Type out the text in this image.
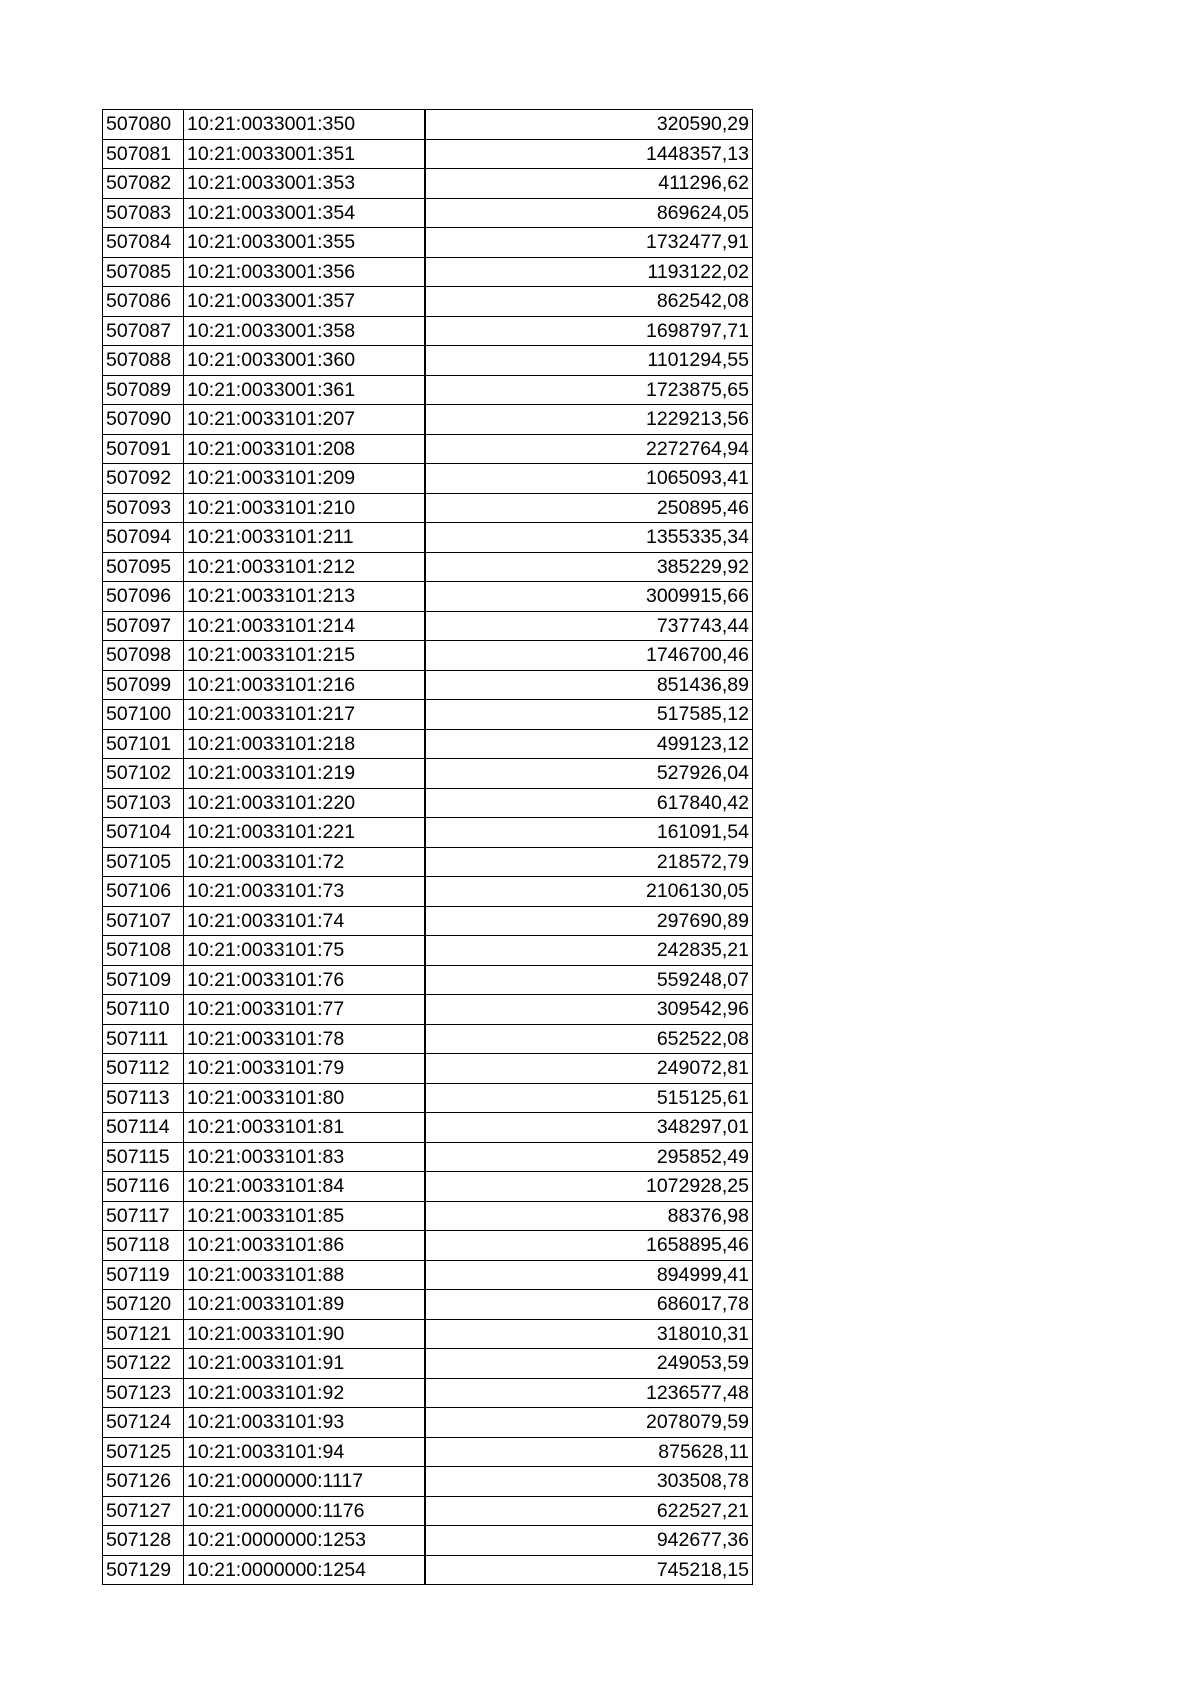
507080	10:21:0033001:350	320590,29
507081	10:21:0033001:351	1448357,13
507082	10:21:0033001:353	411296,62
507083	10:21:0033001:354	869624,05
507084	10:21:0033001:355	1732477,91
507085	10:21:0033001:356	1193122,02
507086	10:21:0033001:357	862542,08
507087	10:21:0033001:358	1698797,71
507088	10:21:0033001:360	1101294,55
507089	10:21:0033001:361	1723875,65
507090	10:21:0033101:207	1229213,56
507091	10:21:0033101:208	2272764,94
507092	10:21:0033101:209	1065093,41
507093	10:21:0033101:210	250895,46
507094	10:21:0033101:211	1355335,34
507095	10:21:0033101:212	385229,92
507096	10:21:0033101:213	3009915,66
507097	10:21:0033101:214	737743,44
507098	10:21:0033101:215	1746700,46
507099	10:21:0033101:216	851436,89
507100	10:21:0033101:217	517585,12
507101	10:21:0033101:218	499123,12
507102	10:21:0033101:219	527926,04
507103	10:21:0033101:220	617840,42
507104	10:21:0033101:221	161091,54
507105	10:21:0033101:72	218572,79
507106	10:21:0033101:73	2106130,05
507107	10:21:0033101:74	297690,89
507108	10:21:0033101:75	242835,21
507109	10:21:0033101:76	559248,07
507110	10:21:0033101:77	309542,96
507111	10:21:0033101:78	652522,08
507112	10:21:0033101:79	249072,81
507113	10:21:0033101:80	515125,61
507114	10:21:0033101:81	348297,01
507115	10:21:0033101:83	295852,49
507116	10:21:0033101:84	1072928,25
507117	10:21:0033101:85	88376,98
507118	10:21:0033101:86	1658895,46
507119	10:21:0033101:88	894999,41
507120	10:21:0033101:89	686017,78
507121	10:21:0033101:90	318010,31
507122	10:21:0033101:91	249053,59
507123	10:21:0033101:92	1236577,48
507124	10:21:0033101:93	2078079,59
507125	10:21:0033101:94	875628,11
507126	10:21:0000000:1117	303508,78
507127	10:21:0000000:1176	622527,21
507128	10:21:0000000:1253	942677,36
507129	10:21:0000000:1254	745218,15
